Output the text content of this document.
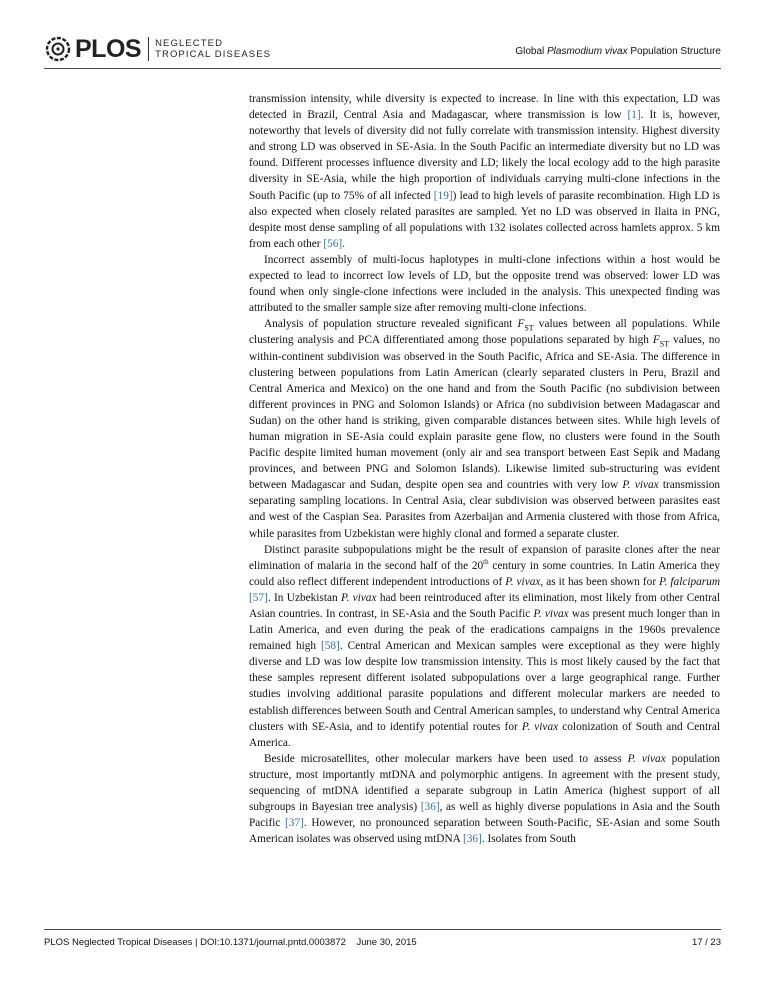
PLOS NEGLECTED
TROPICAL DISEASES	Global Plasmodium vivax Population Structure

transmission intensity, while diversity is expected to increase. In line with this expectation, LD was detected in Brazil, Central Asia and Madagascar, where transmission is low [1]. It is, however, noteworthy that levels of diversity did not fully correlate with transmission intensity. Highest diversity and strong LD was observed in SE-Asia. In the South Pacific an intermediate diversity but no LD was found. Different processes influence diversity and LD; likely the local ecology add to the high parasite diversity in SE-Asia, while the high proportion of individuals carrying multi-clone infections in the South Pacific (up to 75% of all infected [19]) lead to high levels of parasite recombination. High LD is also expected when closely related parasites are sampled. Yet no LD was observed in Ilaita in PNG, despite most dense sampling of all populations with 132 isolates collected across hamlets approx. 5 km from each other [56].

Incorrect assembly of multi-locus haplotypes in multi-clone infections within a host would be expected to lead to incorrect low levels of LD, but the opposite trend was observed: lower LD was found when only single-clone infections were included in the analysis. This unexpected finding was attributed to the smaller sample size after removing multi-clone infections.

Analysis of population structure revealed significant $F_{ST}$ values between all populations. While clustering analysis and PCA differentiated among those populations separated by high $F_{ST}$ values, no within-continent subdivision was observed in the South Pacific, Africa and SE-Asia. The difference in clustering between populations from Latin American (clearly separated clusters in Peru, Brazil and Central America and Mexico) on the one hand and from the South Pacific (no subdivision between different provinces in PNG and Solomon Islands) or Africa (no subdivision between Madagascar and Sudan) on the other hand is striking, given comparable distances between sites. While high levels of human migration in SE-Asia could explain parasite gene flow, no clusters were found in the South Pacific despite limited human movement (only air and sea transport between East Sepik and Madang provinces, and between PNG and Solomon Islands). Likewise limited sub-structuring was evident between Madagascar and Sudan, despite open sea and countries with very low P. vivax transmission separating sampling locations. In Central Asia, clear subdivision was observed between parasites east and west of the Caspian Sea. Parasites from Azerbaijan and Armenia clustered with those from Africa, while parasites from Uzbekistan were highly clonal and formed a separate cluster.

Distinct parasite subpopulations might be the result of expansion of parasite clones after the near elimination of malaria in the second half of the 20th century in some countries. In Latin America they could also reflect different independent introductions of P. vivax, as it has been shown for P. falciparum [57]. In Uzbekistan P. vivax had been reintroduced after its elimination, most likely from other Central Asian countries. In contrast, in SE-Asia and the South Pacific P. vivax was present much longer than in Latin America, and even during the peak of the eradications campaigns in the 1960s prevalence remained high [58]. Central American and Mexican samples were exceptional as they were highly diverse and LD was low despite low transmission intensity. This is most likely caused by the fact that these samples represent different isolated subpopulations over a large geographical range. Further studies involving additional parasite populations and different molecular markers are needed to establish differences between South and Central American samples, to understand why Central America clusters with SE-Asia, and to identify potential routes for P. vivax colonization of South and Central America.

Beside microsatellites, other molecular markers have been used to assess P. vivax population structure, most importantly mtDNA and polymorphic antigens. In agreement with the present study, sequencing of mtDNA identified a separate subgroup in Latin America (highest support of all subgroups in Bayesian tree analysis) [36], as well as highly diverse populations in Asia and the South Pacific [37]. However, no pronounced separation between South-Pacific, SE-Asian and some South American isolates was observed using mtDNA [36]. Isolates from South

PLOS Neglected Tropical Diseases | DOI:10.1371/journal.pntd.0003872    June 30, 2015	17 / 23
